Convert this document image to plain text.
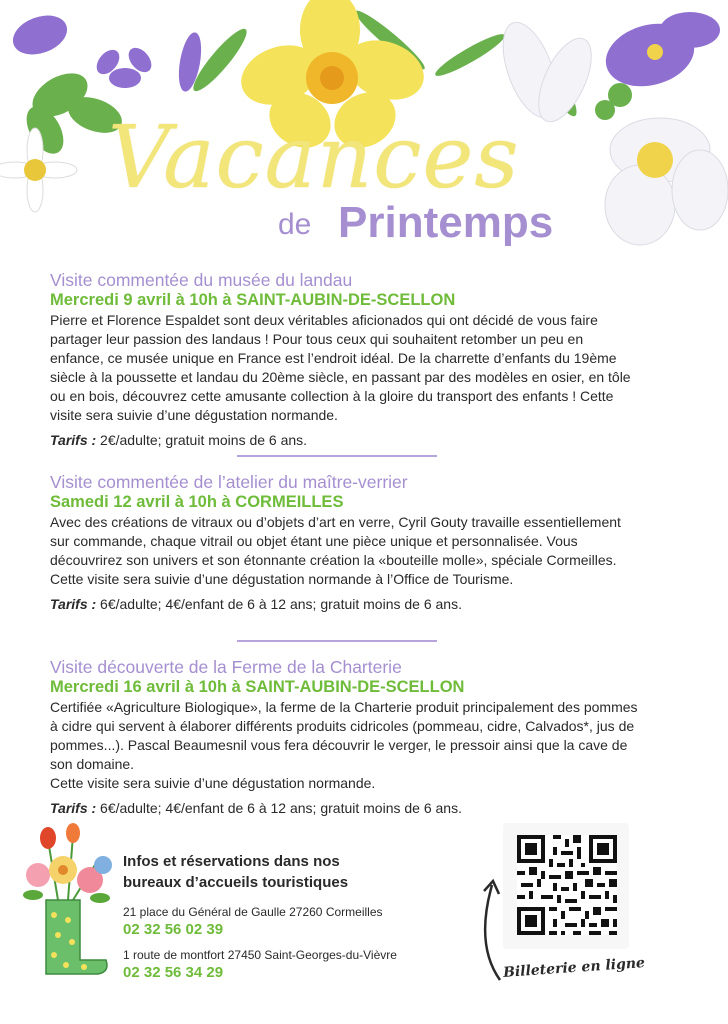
Vacances
de Printemps
Visite commentée du musée du landau
Mercredi 9 avril à 10h à SAINT-AUBIN-DE-SCELLON

Pierre et Florence Espaldet sont deux véritables aficionados qui ont décidé de vous faire partager leur passion des landaus ! Pour tous ceux qui souhaitent retomber un peu en enfance, ce musée unique en France est l’endroit idéal. De la charrette d’enfants du 19ème siècle à la poussette et landau du 20ème siècle, en passant par des modèles en osier, en tôle ou en bois, découvrez cette amusante collection à la gloire du transport des enfants ! Cette visite sera suivie d’une dégustation normande.

Tarifs : 2€/adulte; gratuit moins de 6 ans.
Visite commentée de l’atelier du maître-verrier
Samedi 12 avril à 10h à CORMEILLES

Avec des créations de vitraux ou d’objets d’art en verre, Cyril Gouty travaille essentiellement sur commande, chaque vitrail ou objet étant une pièce unique et personnalisée. Vous découvrirez son univers et son étonnante création la «bouteille molle», spéciale Cormeilles.

Cette visite sera suivie d’une dégustation normande à l’Office de Tourisme.

Tarifs : 6€/adulte; 4€/enfant de 6 à 12 ans; gratuit moins de 6 ans.
Visite découverte de la Ferme de la Charterie
Mercredi 16 avril à 10h à SAINT-AUBIN-DE-SCELLON

Certifiée «Agriculture Biologique», la ferme de la Charterie produit principalement des pommes à cidre qui servent à élaborer différents produits cidricoles (pommeau, cidre, Calvados*, jus de pommes...). Pascal Beaumesnil vous fera découvrir le verger, le pressoir ainsi que la cave de son domaine.

Cette visite sera suivie d’une dégustation normande.

Tarifs : 6€/adulte; 4€/enfant de 6 à 12 ans; gratuit moins de 6 ans.
Infos et réservations dans nos
bureaux d’accueils touristiques
21 place du Général de Gaulle 27260 Cormeilles
02 32 56 02 39
1 route de montfort 27450 Saint-Georges-du-Vièvre
02 32 56 34 29	Billeterie en ligne
